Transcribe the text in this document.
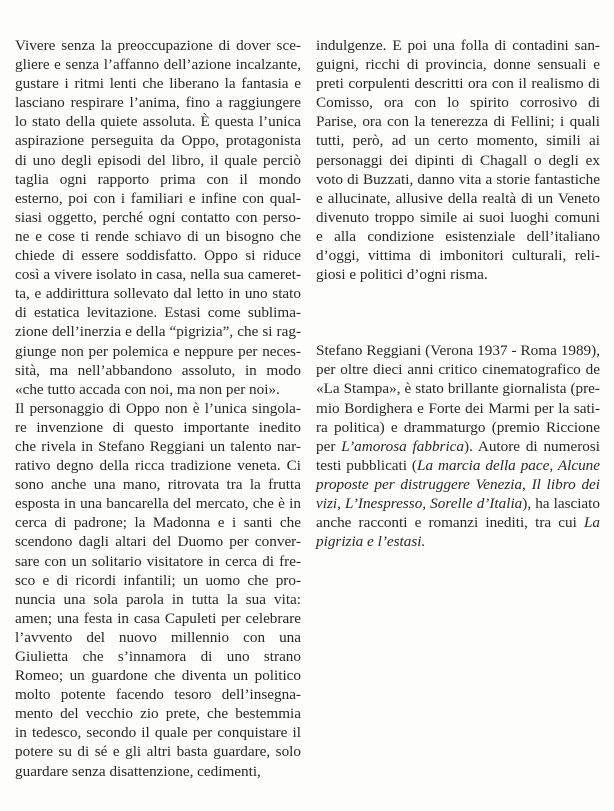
Vivere senza la preoccupazione di dover sce-
gliere e senza l’affanno dell’azione incalzante,
gustare i ritmi lenti che liberano la fantasia e
lasciano respirare l’anima, fino a raggiungere
lo stato della quiete assoluta. È questa l’unica
aspirazione perseguita da Oppo, protagonista
di uno degli episodi del libro, il quale perciò
taglia ogni rapporto prima con il mondo
esterno, poi con i familiari e infine con qual-
siasi oggetto, perché ogni contatto con perso-
ne e cose ti rende schiavo di un bisogno che
chiede di essere soddisfatto. Oppo si riduce
così a vivere isolato in casa, nella sua cameret-
ta, e addirittura sollevato dal letto in uno stato
di estatica levitazione. Estasi come sublima-
zione dell’inerzia e della “pigrizia”, che si rag-
giunge non per polemica e neppure per neces-
sità, ma nell’abbandono assoluto, in modo
«che tutto accada con noi, ma non per noi».
Il personaggio di Oppo non è l’unica singola-
re invenzione di questo importante inedito
che rivela in Stefano Reggiani un talento nar-
rativo degno della ricca tradizione veneta. Ci
sono anche una mano, ritrovata tra la frutta
esposta in una bancarella del mercato, che è in
cerca di padrone; la Madonna e i santi che
scendono dagli altari del Duomo per conver-
sare con un solitario visitatore in cerca di fre-
sco e di ricordi infantili; un uomo che pro-
nuncia una sola parola in tutta la sua vita:
amen; una festa in casa Capuleti per celebrare
l’avvento del nuovo millennio con una
Giulietta che s’innamora di uno strano
Romeo; un guardone che diventa un politico
molto potente facendo tesoro dell’insegna-
mento del vecchio zio prete, che bestemmia
in tedesco, secondo il quale per conquistare il
potere su di sé e gli altri basta guardare, solo
guardare senza disattenzione, cedimenti,
indulgenze. E poi una folla di contadini san-
guigni, ricchi di provincia, donne sensuali e
preti corpulenti descritti ora con il realismo di
Comisso, ora con lo spirito corrosivo di
Parise, ora con la tenerezza di Fellini; i quali
tutti, però, ad un certo momento, simili ai
personaggi dei dipinti di Chagall o degli ex
voto di Buzzati, danno vita a storie fantastiche
e allucinate, allusive della realtà di un Veneto
divenuto troppo simile ai suoi luoghi comuni
e alla condizione esistenziale dell’italiano
d’oggi, vittima di imbonitori culturali, reli-
giosi e politici d’ogni risma.
Stefano Reggiani (Verona 1937 - Roma 1989),
per oltre dieci anni critico cinematografico de
«La Stampa», è stato brillante giornalista (pre-
mio Bordighera e Forte dei Marmi per la sati-
ra politica) e drammaturgo (premio Riccione
per L’amorosa fabbrica). Autore di numerosi
testi pubblicati (La marcia della pace, Alcune
proposte per distruggere Venezia, Il libro dei
vizi, L’Inespresso, Sorelle d’Italia), ha lasciato
anche racconti e romanzi inediti, tra cui La
pigrizia e l’estasi.
